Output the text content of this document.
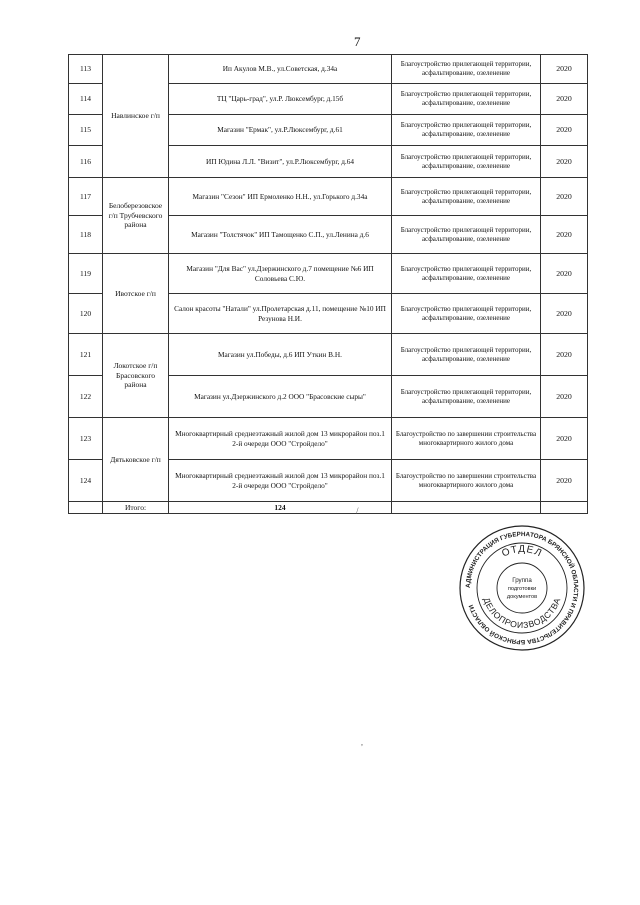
7
113	Навлинское г/п	Ип Акулов М.В., ул.Советская, д.34а	Благоустройство прилегающей территории, асфальтирование, озеленение	2020
114		ТЦ "Царь-град", ул.Р. Люксембург, д.15б	Благоустройство прилегающей территории, асфальтирование, озеленение	2020
115		Магазин "Ермак", ул.Р.Люксембург, д.61	Благоустройство прилегающей территории, асфальтирование, озеленение	2020
116		ИП Юдина Л.Л. "Визит", ул.Р.Люксембург, д.64	Благоустройство прилегающей территории, асфальтирование, озеленение	2020
117	Белоберезовское г/п Трубчевского района	Магазин "Сезон" ИП Ермоленко Н.Н., ул.Горького д.34а	Благоустройство прилегающей территории, асфальтирование, озеленение	2020
118		Магазин "Толстячок" ИП Тамощенко С.П., ул.Ленина д.6	Благоустройство прилегающей территории, асфальтирование, озеленение	2020
119	Ивотское г/п	Магазин "Для Вас" ул.Дзержинского д.7 помещение №6 ИП Соловьева С.Ю.	Благоустройство прилегающей территории, асфальтирование, озеленение	2020
120		Салон красоты "Натали" ул.Пролетарская д.11, помещение №10 ИП Резунова Н.И.	Благоустройство прилегающей территории, асфальтирование, озеленение	2020
121	Локотское г/п Брасовского района	Магазин ул.Победы, д.6 ИП Уткин В.Н.	Благоустройство прилегающей территории, асфальтирование, озеленение	2020
122		Магазин ул.Дзержинского д.2 ООО "Брасовские сыры"	Благоустройство прилегающей территории, асфальтирование, озеленение	2020
123	Дятьковское г/п	Многоквартирный среднеэтажный жилой дом 13 микрорайон поз.1 2-й очереди ООО "Стройдело"	Благоустройство по завершении строительства многоквартирного жилого дома	2020
124		Многоквартирный среднеэтажный жилой дом 13 микрорайон поз.1 2-й очереди ООО "Стройдело"	Благоустройство по завершении строительства многоквартирного жилого дома	2020
	Итого:	124			/
,
АДМИНИСТРАЦИЯ ГУБЕРНАТОРА БРЯНСКОЙ ОБЛАСТИ И ПРАВИТЕЛЬСТВА БРЯНСКОЙ ОБЛАСТИ
ОТДЕЛ
ДЕЛОПРОИЗВОДСТВА
Группа
подготовки
документов
